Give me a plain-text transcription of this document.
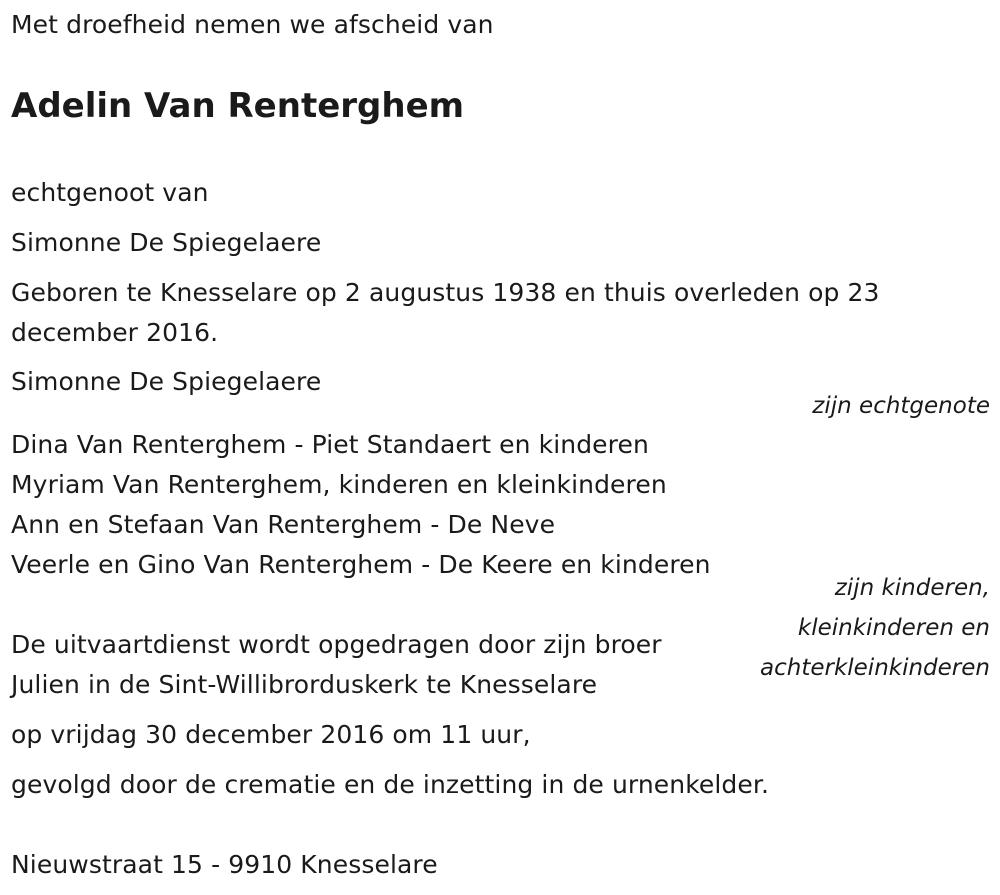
Met droefheid nemen we afscheid van
Adelin Van Renterghem
echtgenoot van
Simonne De Spiegelaere
Geboren te Knesselare op 2 augustus 1938 en thuis overleden op 23
december 2016.
Simonne De Spiegelaere
zijn echtgenote
Dina Van Renterghem - Piet Standaert en kinderen
Myriam Van Renterghem, kinderen en kleinkinderen
Ann en Stefaan Van Renterghem - De Neve
Veerle en Gino Van Renterghem - De Keere en kinderen
zijn kinderen,
kleinkinderen en
achterkleinkinderen
De uitvaartdienst wordt opgedragen door zijn broer
Julien in de Sint-Willibrorduskerk te Knesselare
op vrijdag 30 december 2016 om 11 uur,
gevolgd door de crematie en de inzetting in de urnenkelder.
Nieuwstraat 15 - 9910 Knesselare
